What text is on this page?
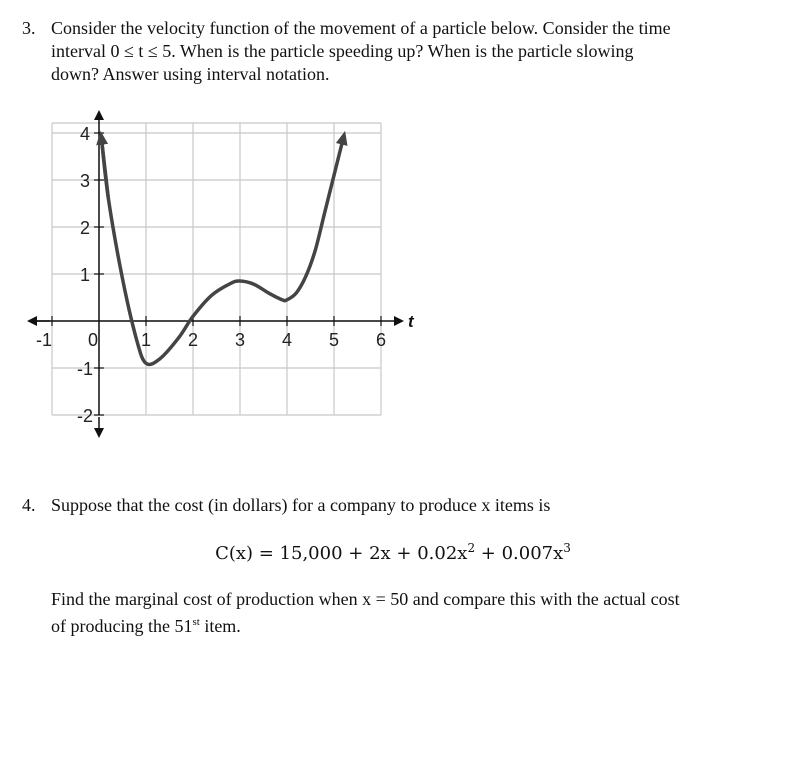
3. Consider the velocity function of the movement of a particle below. Consider the time
interval 0 ≤ t ≤ 5. When is the particle speeding up? When is the particle slowing
down? Answer using interval notation.
-1 0 1 2 3 4 5 6
4
3
2
1
-1
-2
t
4. Suppose that the cost (in dollars) for a company to produce x items is
$C(x) = 15,000 + 2x + 0.02x^2 + 0.007x^3$
Find the marginal cost of production when x = 50 and compare this with the actual cost
of producing the 51st item.
